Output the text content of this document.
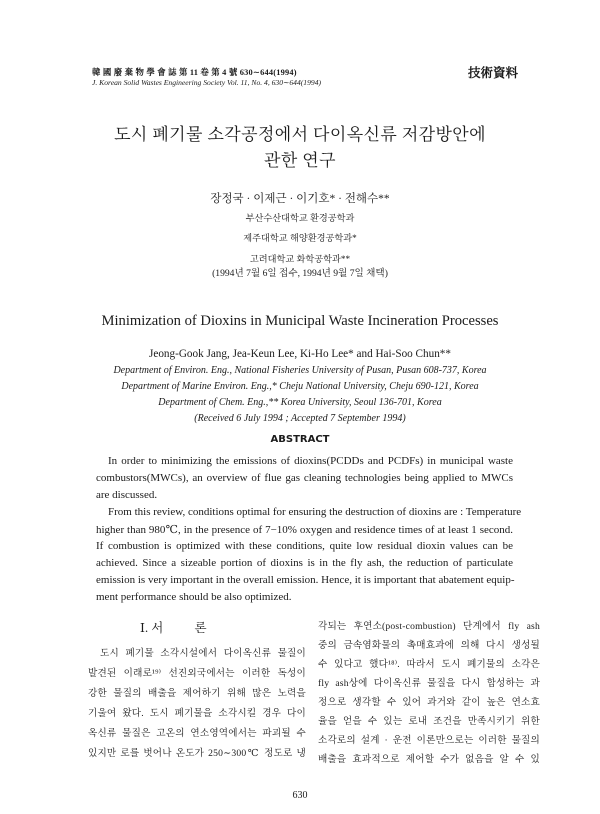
韓 國 廢 棄 物 學 會 誌 第 11 卷 第 4 號 630∼644(1994)
J. Korean Solid Wastes Engineering Society Vol. 11, No. 4, 630∼644(1994)
技術資料
도시 폐기물 소각공정에서 다이옥신류 저감방안에
관한 연구
장정국 · 이제근 · 이기호* · 전해수**
부산수산대학교 환경공학과
제주대학교 해양환경공학과*
고려대학교 화학공학과**
(1994년 7월 6일 접수, 1994년 9월 7일 채택)
Minimization of Dioxins in Municipal Waste Incineration Processes
Jeong-Gook Jang, Jea-Keun Lee, Ki-Ho Lee* and Hai-Soo Chun**
Department of Environ. Eng., National Fisheries University of Pusan, Pusan 608-737, Korea
Department of Marine Environ. Eng.,* Cheju National University, Cheju 690-121, Korea
Department of Chem. Eng.,** Korea University, Seoul 136-701, Korea
(Received 6 July 1994 ; Accepted 7 September 1994)
ABSTRACT
In order to minimizing the emissions of dioxins(PCDDs and PCDFs) in municipal waste
combustors(MWCs), an overview of flue gas cleaning technologies being applied to MWCs
are discussed.
From this review, conditions optimal for ensuring the destruction of dioxins are : Temperature
higher than 980℃, in the presence of 7−10% oxygen and residence times of at least 1 second.
If combustion is optimized with these conditions, quite low residual dioxin values can be
achieved. Since a sizeable portion of dioxins is in the fly ash, the reduction of particulate
emission is very important in the overall emission. Hence, it is important that abatement equip-
ment performance should be also optimized.
Ⅰ. 서          론
도시 폐기물 소각시설에서 다이옥신류 물질이
발견된 이래로¹⁹⁾ 선진외국에서는 이러한 독성이
강한 물질의 배출을 제어하기 위해 많은 노력을
기울여 왔다. 도시 폐기물을 소각시킬 경우 다이
옥신류 물질은 고온의 연소영역에서는 파괴될 수
있지만 로를 벗어나 온도가 250∼300℃ 정도로 냉
각되는 후연소(post-combustion) 단계에서 fly ash
중의 금속염화물의 촉매효과에 의해 다시 생성될
수 있다고 했다¹⁸⁾. 따라서 도시 폐기물의 소각은
fly ash상에 다이옥신류 물질을 다시 합성하는 과
정으로 생각할 수 있어 과거와 같이 높은 연소효
율을 얻을 수 있는 로내 조건을 만족시키기 위한
소각로의 설계 · 운전 이론만으로는 이러한 물질의
배출을 효과적으로 제어할 수가 없음을 알 수 있
630
